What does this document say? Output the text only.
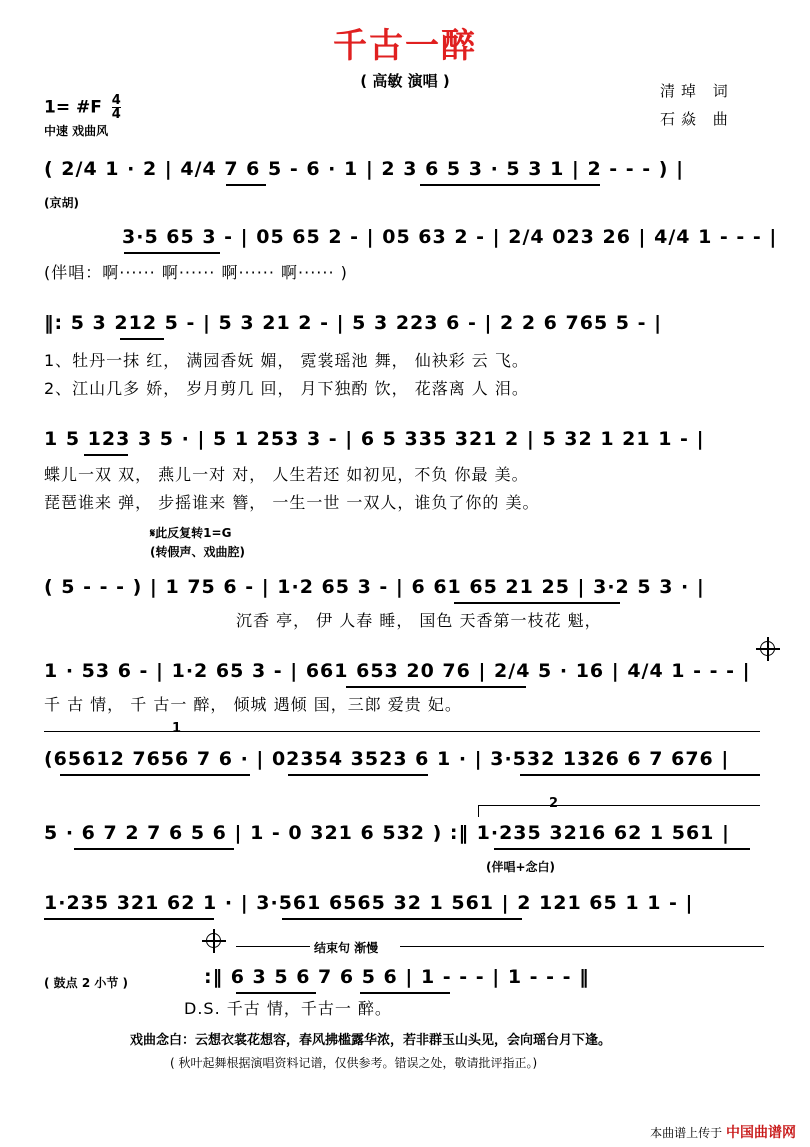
千古一醉
( 高敏 演唱 )
1= #F $\frac{4}{4}$
中速 戏曲风
清琸 词
石焱 曲
( 2/4 1 · 2 | 4/4 7 6 5 - 6 · 1 | 2 3 6 5 3 · 5 3 1 | 2 - - - ) |
(京胡)
3·5 65 3 - | 05 65 2 - | 05 63 2 - | 2/4 023 26 | 4/4 1 - - - |
(伴唱：啊······ 啊······ 啊······ 啊······ )
‖: 5 3 212 5 - | 5 3 21 2 - | 5 3 223 6 - | 2 2 6 765 5 - |
1、牡丹一抹 红， 满园香妩 媚， 霓裳瑶池 舞， 仙袂彩 云 飞。
2、江山几多 娇， 岁月剪几 回， 月下独酌 饮， 花落离 人 泪。
1 5 123 3 5 · | 5 1 253 3 - | 6 5 335 321 2 | 5 32 1 21 1 - |
蝶儿一双 双， 燕儿一对 对， 人生若还 如初见，不负 你最 美。
琵琶谁来 弹， 步摇谁来 簪， 一生一世 一双人，谁负了你的 美。
𝄋此反复转1=G
(转假声、戏曲腔)
( 5 - - - ) | 1 75 6 - | 1·2 65 3 - | 6 61 65 21 25 | 3·2 5 3 · |
沉香 亭， 伊 人春 睡， 国色 天香第一枝花 魁，
1 · 53 6 - | 1·2 65 3 - | 661 653 20 76 | 2/4 5 · 16 | 4/4 1 - - - |
千 古 情， 千 古一 醉， 倾城 遇倾 国，三郎 爱贵 妃。
1
(65612 7656 7 6 · | 02354 3523 6 1 · | 3·532 1326 6 7 676 |
2
5 · 6 7 2 7 6 5 6 | 1 - 0 321 6 532 ) :‖ 1·235 3216 62 1 561 |
(伴唱+念白)
1·235 321 62 1 · | 3·561 6565 32 1 561 | 2 121 65 1 1 - |
结束句 渐慢
( 鼓点 2 小节 )	:‖ 6 3 5 6 7 6 5 6 | 1 - - - | 1 - - - ‖
D.S. 千古 情，千古一 醉。
戏曲念白：云想衣裳花想容，春风拂槛露华浓，若非群玉山头见，会向瑶台月下逢。
( 秋叶起舞根据演唱资料记谱，仅供参考。错误之处，敬请批评指正。)
本曲谱上传于 中国曲谱网
